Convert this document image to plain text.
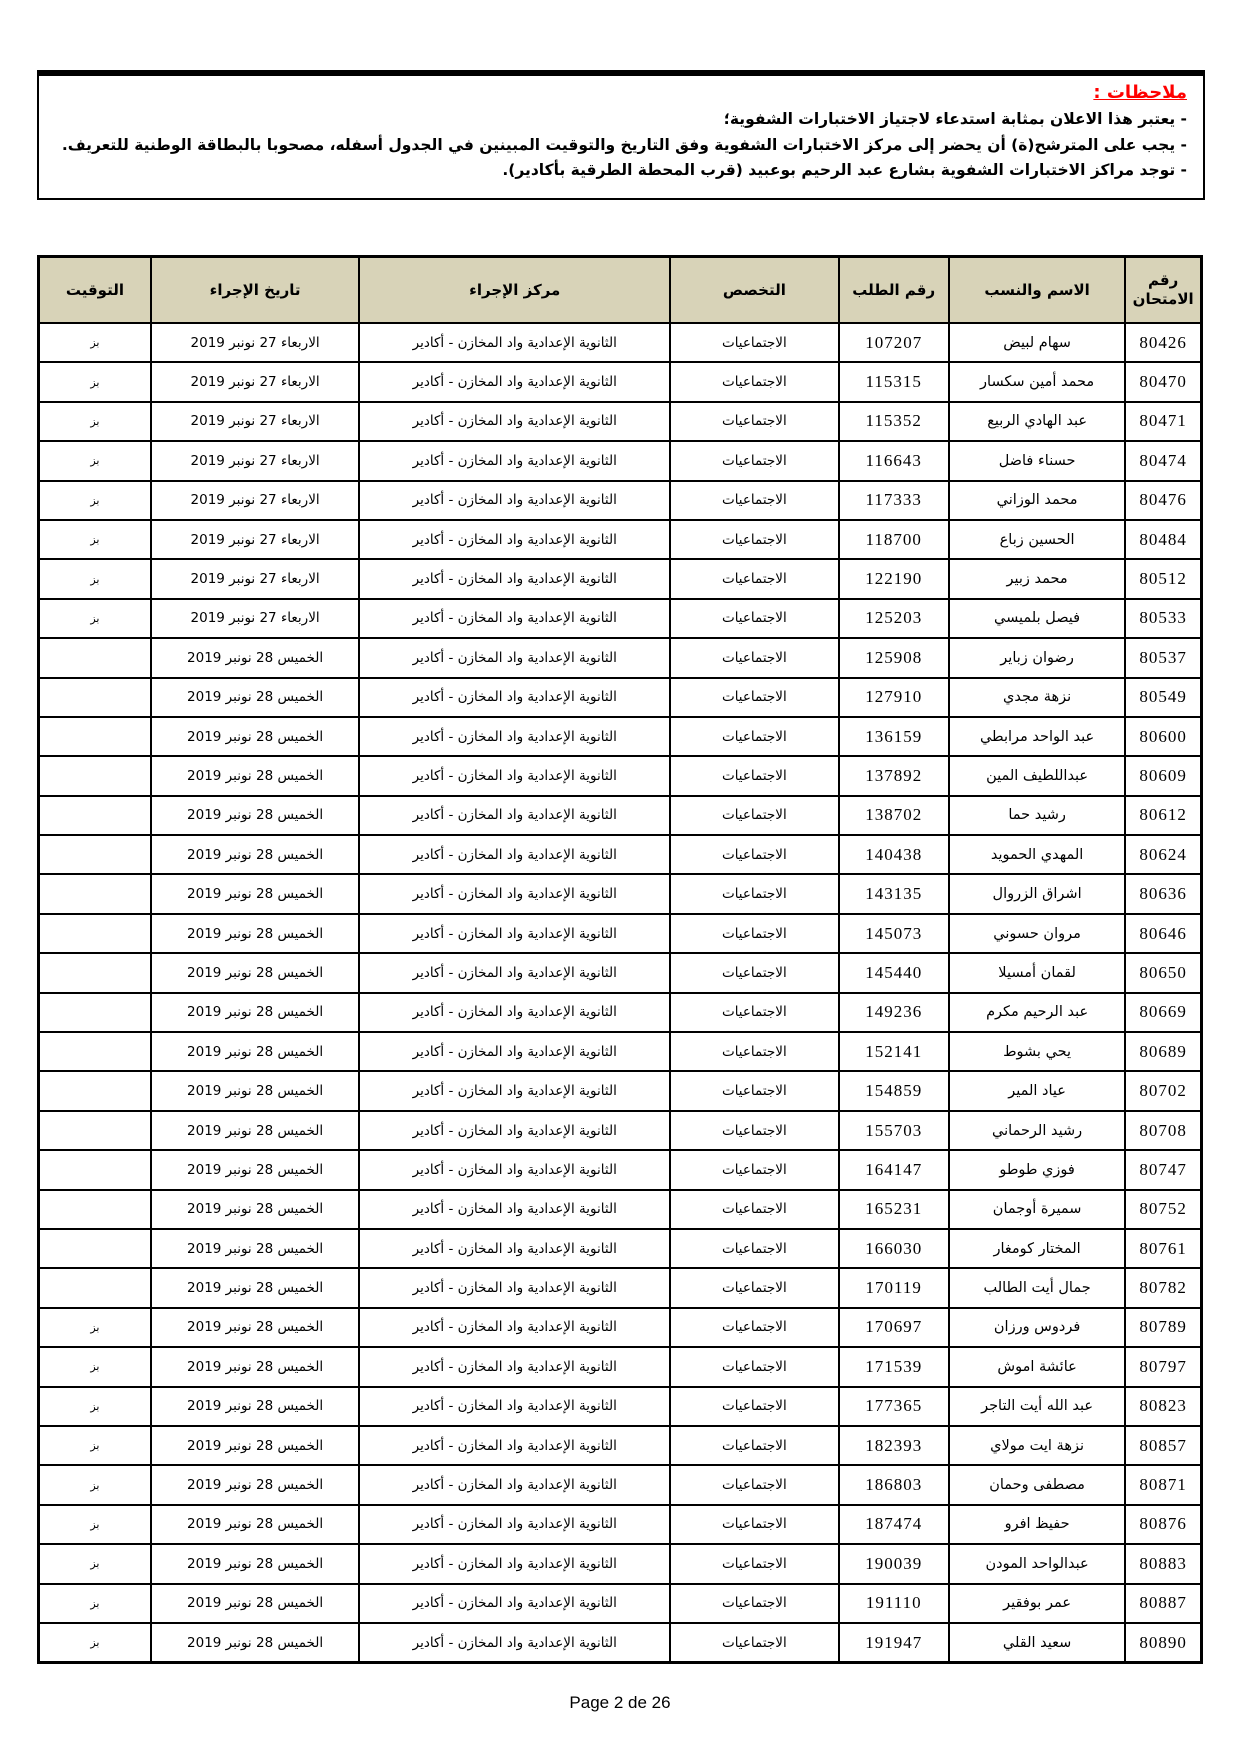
ملاحظات :
- يعتبر هذا الاعلان بمثابة استدعاء لاجتياز الاختبارات الشفوية؛
- يجب على المترشح(ة) أن يحضر إلى مركز الاختبارات الشفوية وفق التاريخ والتوقيت المبينين في الجدول أسفله، مصحوبا بالبطاقة الوطنية للتعريف.
- توجد مراكز الاختبارات الشفوية بشارع عبد الرحيم بوعبيد (قرب المحطة الطرقية بأكادير).
رقم الامتحان	الاسم والنسب	رقم الطلب	التخصص	مركز الإجراء	تاريخ الإجراء	التوقيت
80426	سهام لبيض	107207	الاجتماعيات	الثانوية الإعدادية واد المخازن - أكادير	الاربعاء 27 نونبر 2019	بز
80470	محمد أمين سكسار	115315	الاجتماعيات	الثانوية الإعدادية واد المخازن - أكادير	الاربعاء 27 نونبر 2019	بز
80471	عبد الهادي الربيع	115352	الاجتماعيات	الثانوية الإعدادية واد المخازن - أكادير	الاربعاء 27 نونبر 2019	بز
80474	حسناء فاضل	116643	الاجتماعيات	الثانوية الإعدادية واد المخازن - أكادير	الاربعاء 27 نونبر 2019	بز
80476	محمد الوزاني	117333	الاجتماعيات	الثانوية الإعدادية واد المخازن - أكادير	الاربعاء 27 نونبر 2019	بز
80484	الحسين زباع	118700	الاجتماعيات	الثانوية الإعدادية واد المخازن - أكادير	الاربعاء 27 نونبر 2019	بز
80512	محمد زبير	122190	الاجتماعيات	الثانوية الإعدادية واد المخازن - أكادير	الاربعاء 27 نونبر 2019	بز
80533	فيصل بلميسي	125203	الاجتماعيات	الثانوية الإعدادية واد المخازن - أكادير	الاربعاء 27 نونبر 2019	بز
80537	رضوان زباير	125908	الاجتماعيات	الثانوية الإعدادية واد المخازن - أكادير	الخميس 28 نونبر 2019	
80549	نزهة مجدي	127910	الاجتماعيات	الثانوية الإعدادية واد المخازن - أكادير	الخميس 28 نونبر 2019	
80600	عبد الواحد مرابطي	136159	الاجتماعيات	الثانوية الإعدادية واد المخازن - أكادير	الخميس 28 نونبر 2019	
80609	عبداللطيف المين	137892	الاجتماعيات	الثانوية الإعدادية واد المخازن - أكادير	الخميس 28 نونبر 2019	
80612	رشيد حما	138702	الاجتماعيات	الثانوية الإعدادية واد المخازن - أكادير	الخميس 28 نونبر 2019	
80624	المهدي الحمويد	140438	الاجتماعيات	الثانوية الإعدادية واد المخازن - أكادير	الخميس 28 نونبر 2019	
80636	اشراق الزروال	143135	الاجتماعيات	الثانوية الإعدادية واد المخازن - أكادير	الخميس 28 نونبر 2019	
80646	مروان حسوني	145073	الاجتماعيات	الثانوية الإعدادية واد المخازن - أكادير	الخميس 28 نونبر 2019	
80650	لقمان أمسيلا	145440	الاجتماعيات	الثانوية الإعدادية واد المخازن - أكادير	الخميس 28 نونبر 2019	
80669	عبد الرحيم مكرم	149236	الاجتماعيات	الثانوية الإعدادية واد المخازن - أكادير	الخميس 28 نونبر 2019	
80689	يحي بشوط	152141	الاجتماعيات	الثانوية الإعدادية واد المخازن - أكادير	الخميس 28 نونبر 2019	
80702	عياد المير	154859	الاجتماعيات	الثانوية الإعدادية واد المخازن - أكادير	الخميس 28 نونبر 2019	
80708	رشيد الرحماني	155703	الاجتماعيات	الثانوية الإعدادية واد المخازن - أكادير	الخميس 28 نونبر 2019	
80747	فوزي طوطو	164147	الاجتماعيات	الثانوية الإعدادية واد المخازن - أكادير	الخميس 28 نونبر 2019	
80752	سميرة أوجمان	165231	الاجتماعيات	الثانوية الإعدادية واد المخازن - أكادير	الخميس 28 نونبر 2019	
80761	المختار كومغار	166030	الاجتماعيات	الثانوية الإعدادية واد المخازن - أكادير	الخميس 28 نونبر 2019	
80782	جمال أيت الطالب	170119	الاجتماعيات	الثانوية الإعدادية واد المخازن - أكادير	الخميس 28 نونبر 2019	
80789	فردوس ورزان	170697	الاجتماعيات	الثانوية الإعدادية واد المخازن - أكادير	الخميس 28 نونبر 2019	بز
80797	عائشة اموش	171539	الاجتماعيات	الثانوية الإعدادية واد المخازن - أكادير	الخميس 28 نونبر 2019	بز
80823	عبد الله أيت التاجر	177365	الاجتماعيات	الثانوية الإعدادية واد المخازن - أكادير	الخميس 28 نونبر 2019	بز
80857	نزهة ايت مولاي	182393	الاجتماعيات	الثانوية الإعدادية واد المخازن - أكادير	الخميس 28 نونبر 2019	بز
80871	مصطفى وحمان	186803	الاجتماعيات	الثانوية الإعدادية واد المخازن - أكادير	الخميس 28 نونبر 2019	بز
80876	حفيظ افرو	187474	الاجتماعيات	الثانوية الإعدادية واد المخازن - أكادير	الخميس 28 نونبر 2019	بز
80883	عبدالواحد المودن	190039	الاجتماعيات	الثانوية الإعدادية واد المخازن - أكادير	الخميس 28 نونبر 2019	بز
80887	عمر بوفقير	191110	الاجتماعيات	الثانوية الإعدادية واد المخازن - أكادير	الخميس 28 نونبر 2019	بز
80890	سعيد القلي	191947	الاجتماعيات	الثانوية الإعدادية واد المخازن - أكادير	الخميس 28 نونبر 2019	بز
Page 2 de 26
